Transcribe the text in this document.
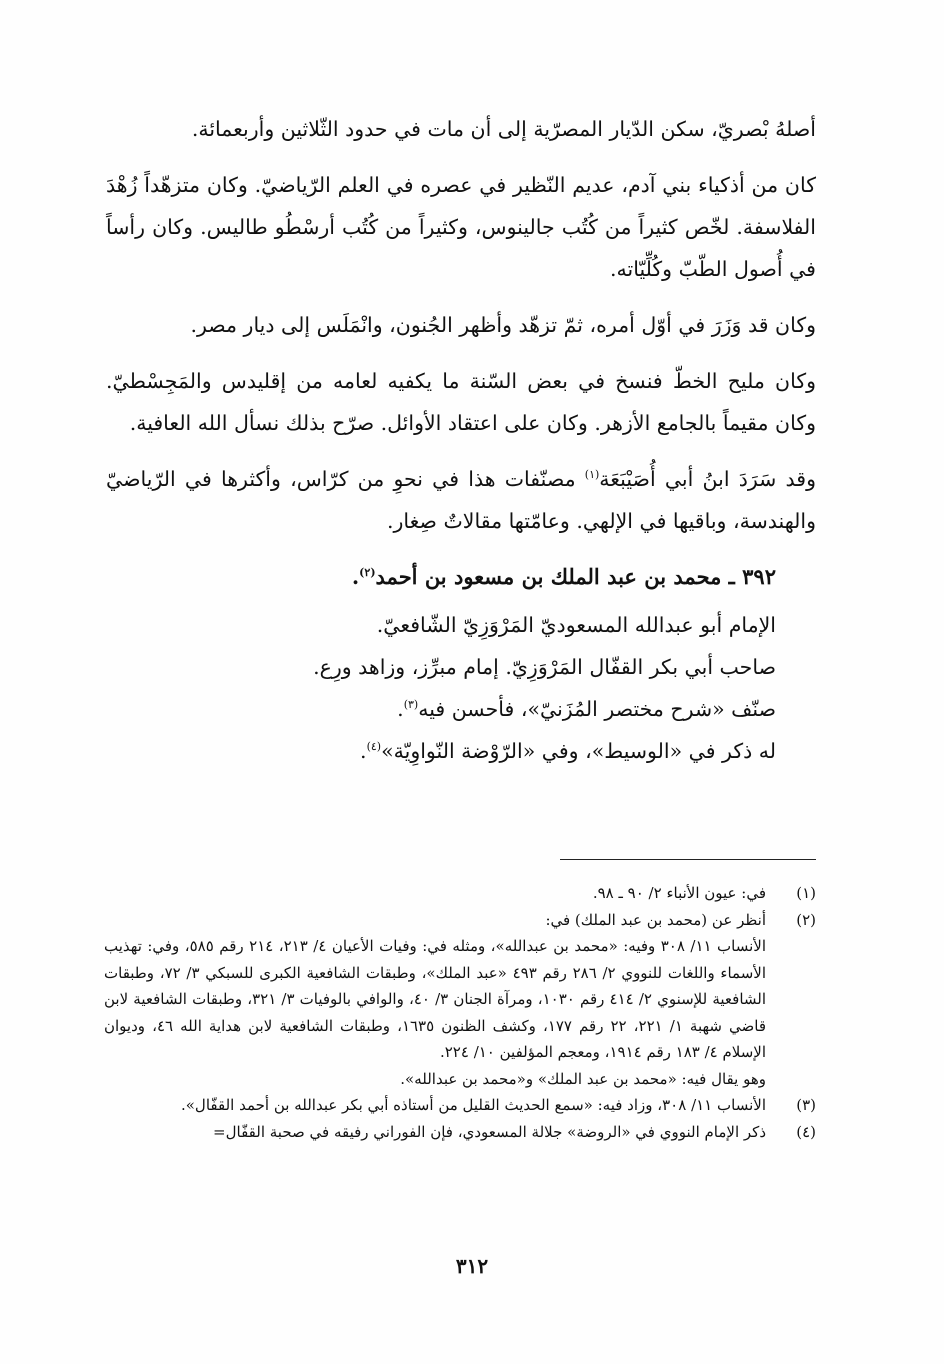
أصلهُ بْصريّ، سكن الدّيار المصرّية إلى أن مات في حدود الثّلاثين وأربعمائة.

كان من أذكياء بني آدم، عديم النّظير في عصره في العلم الرّياضيّ. وكان متزهّداً زُهْدَ الفلاسفة. لخّص كثيراً من كُتُب جالينوس، وكثيراً من كُتُب أرسْطُو طاليس. وكان رأساً في أُصول الطّبّ وكُلِّيّاته.

وكان قد وَزَرَ في أوّل أمره، ثمّ تزهّد وأظهر الجُنون، وانْمَلَس إلى ديار مصر.

وكان مليح الخطّ فنسخ في بعض السّنة ما يكفيه لعامه من إقليدس والمَجِسْطيّ. وكان مقيماً بالجامع الأزهر. وكان على اعتقاد الأوائل. صرّح بذلك نسأل الله العافية.

وقد سَرَدَ ابنُ أبي أُصَيْبَعَة$^{(١)}$ مصنّفات هذا في نحوِ من كرّاس، وأكثرها في الرّياضيّ والهندسة، وباقيها في الإلهي. وعامّتها مقالاتٌ صِغار.

٣٩٢ ـ محمد بن عبد الملك بن مسعود بن أحمد$^{(٢)}$.

الإمام أبو عبدالله المسعوديّ المَرْوَزِيّ الشّافعيّ.

صاحب أبي بكر القفّال المَرْوَزِيّ. إمام مبرِّز، وزاهد ورِع.

صنّف «شرح مختصر المُزَنيّ»، فأحسن فيه$^{(٣)}$.

له ذكر في «الوسيط»، وفي «الرّوْضة النّواوِيّة»$^{(٤)}$.

(١)

في: عيون الأنباء ٢/ ٩٠ ـ ٩٨.

(٢)

أنظر عن (محمد بن عبد الملك) في:

الأنساب ١١/ ٣٠٨ وفيه: «محمد بن عبدالله»، ومثله في: وفيات الأعيان ٤/ ٢١٣، ٢١٤ رقم ٥٨٥، وفي: تهذيب الأسماء واللغات للنووي ٢/ ٢٨٦ رقم ٤٩٣ «عبد الملك»، وطبقات الشافعية الكبرى للسبكي ٣/ ٧٢، وطبقات الشافعية للإسنوي ٢/ ٤١٤ رقم ١٠٣٠، ومرآة الجنان ٣/ ٤٠، والوافي بالوفيات ٣/ ٣٢١، وطبقات الشافعية لابن قاضي شهبة ١/ ٢٢١، ٢٢ رقم ١٧٧، وكشف الظنون ١٦٣٥، وطبقات الشافعية لابن هداية الله ٤٦، وديوان الإسلام ٤/ ١٨٣ رقم ١٩١٤، ومعجم المؤلفين ١٠/ ٢٢٤.

وهو يقال فيه: «محمد بن عبد الملك» و«محمد بن عبدالله».

(٣)

الأنساب ١١/ ٣٠٨، وزاد فيه: «سمع الحديث القليل من أستاذه أبي بكر عبدالله بن أحمد القفّال».

(٤)

ذكر الإمام النووي في «الروضة» جلالة المسعودي، فإن الفوراني رفيقه في صحبة القفّال=

٣١٢
